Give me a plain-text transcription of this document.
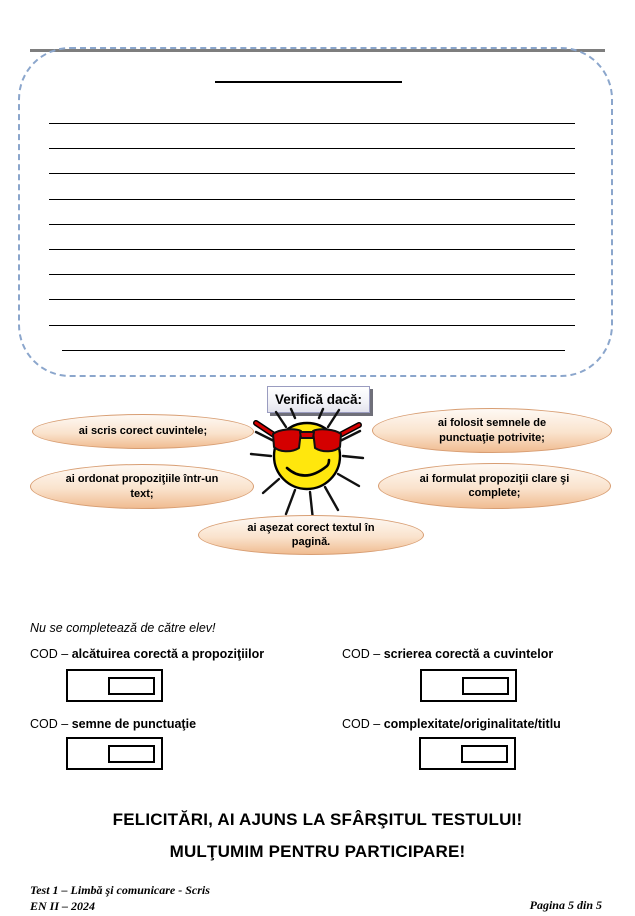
Verifică dacă:
ai scris corect cuvintele;
ai folosit semnele de punctuaţie potrivite;
ai ordonat propoziţiile într-un text;
ai formulat propoziţii clare şi complete;
ai aşezat corect textul în pagină.
Nu se completează de către elev!
COD – alcătuirea corectă a propoziţiilor	COD – scrierea corectă a cuvintelor
COD – semne de punctuaţie	COD – complexitate/originalitate/titlu
FELICITĂRI, AI AJUNS LA SFÂRŞITUL TESTULUI!
MULŢUMIM PENTRU PARTICIPARE!
Test 1 – Limbă şi comunicare - Scris
EN II – 2024	Pagina 5 din 5
